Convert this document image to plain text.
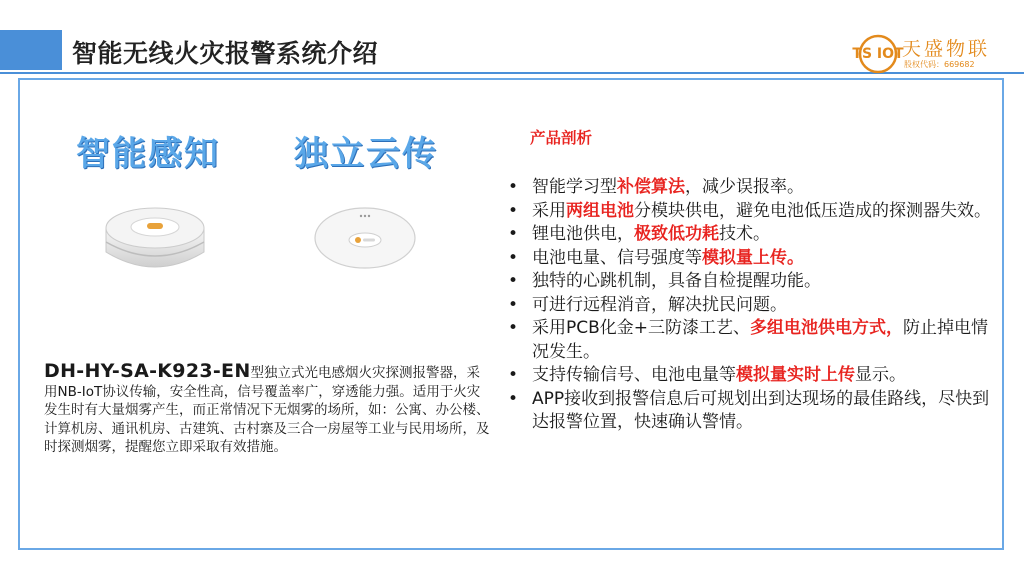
智能无线火灾报警系统介绍	TS IOT
天盛物联
股权代码：669682
智能感知 独立云传
DH-HY-SA-K923-EN型独立式光电感烟火灾探测报警器，采用NB-IoT协议传输，安全性高，信号覆盖率广，穿透能力强。适用于火灾发生时有大量烟雾产生，而正常情况下无烟雾的场所，如：公寓、办公楼、计算机房、通讯机房、古建筑、古村寨及三合一房屋等工业与民用场所，及时探测烟雾，提醒您立即采取有效措施。
产品剖析
• 智能学习型补偿算法，减少误报率。
• 采用两组电池分模块供电，避免电池低压造成的探测器失效。
• 锂电池供电，极致低功耗技术。
• 电池电量、信号强度等模拟量上传。
• 独特的心跳机制，具备自检提醒功能。
• 可进行远程消音，解决扰民问题。
• 采用PCB化金+三防漆工艺、多组电池供电方式，防止掉电情况发生。
• 支持传输信号、电池电量等模拟量实时上传显示。
• APP接收到报警信息后可规划出到达现场的最佳路线，尽快到达报警位置，快速确认警情。
